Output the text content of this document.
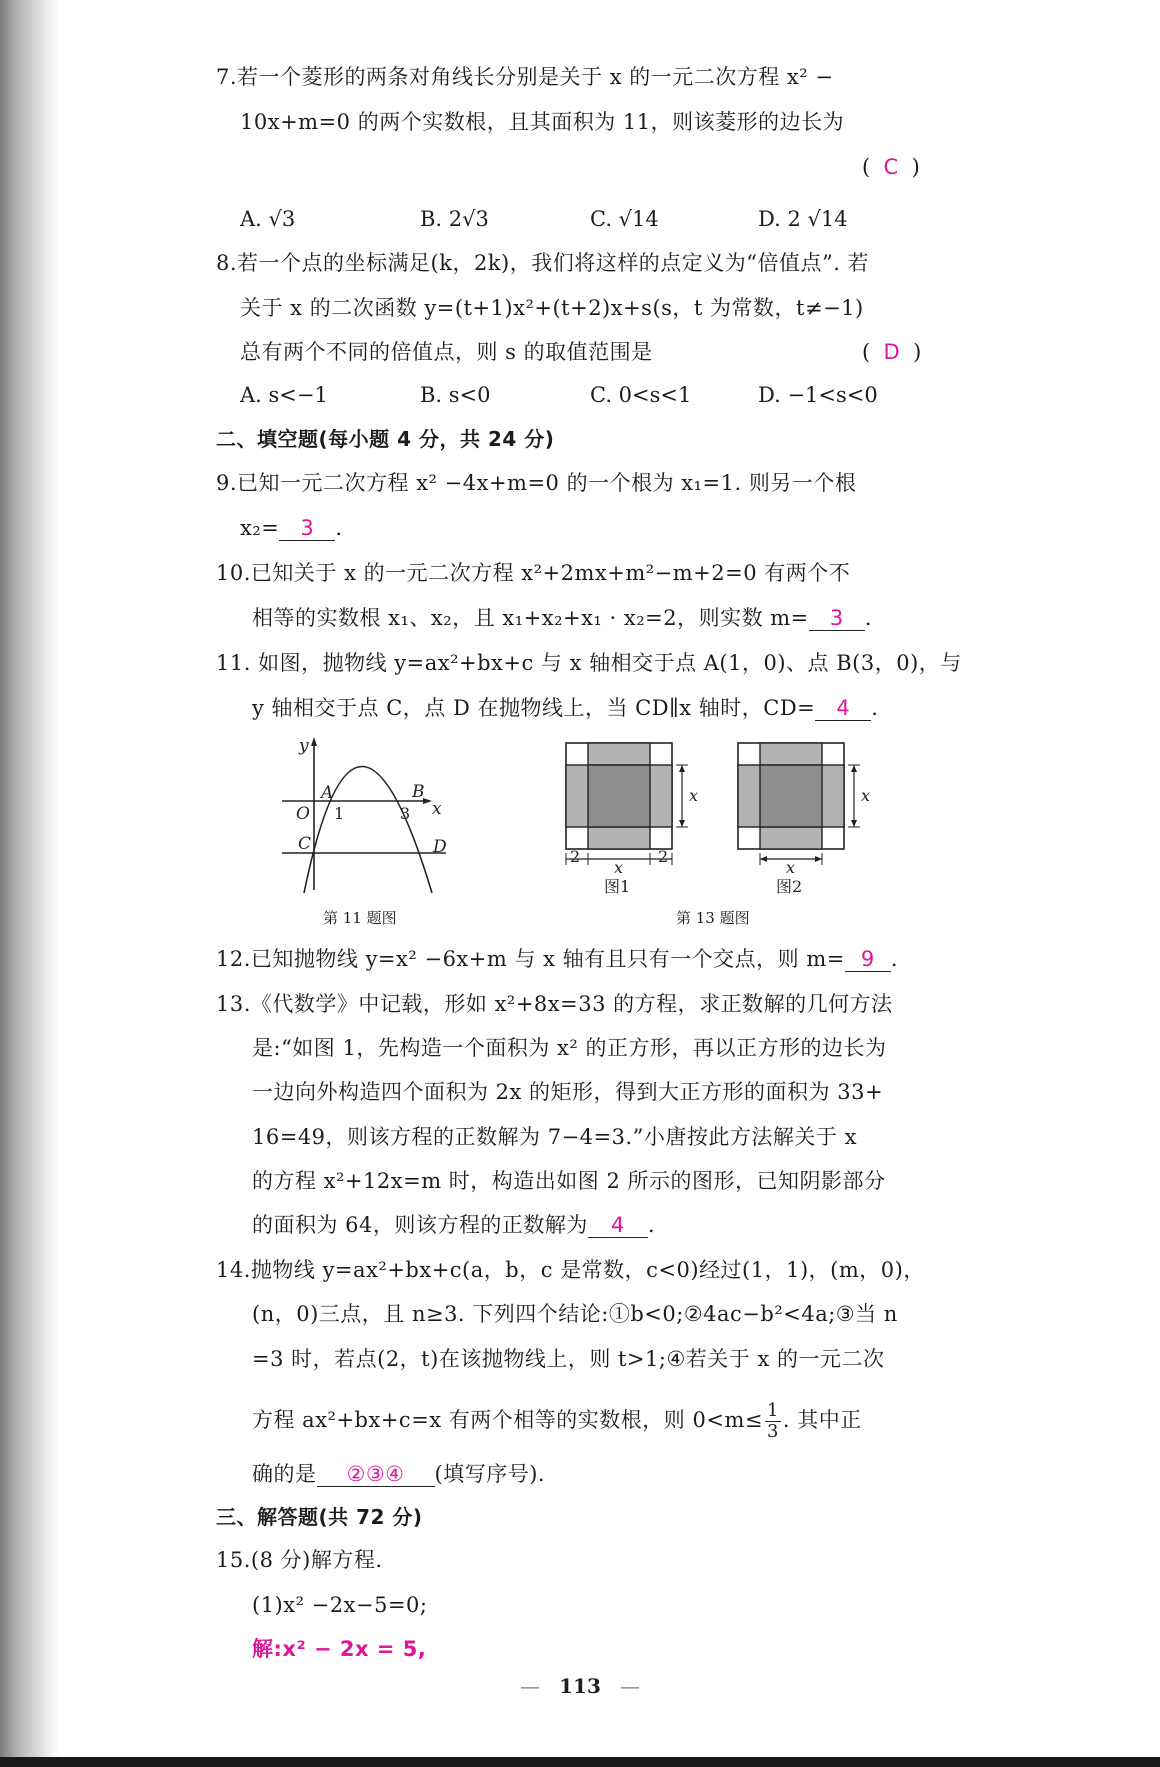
7.若一个菱形的两条对角线长分别是关于 x 的一元二次方程 x² −
10x+m=0 的两个实数根，且其面积为 11，则该菱形的边长为
(  C  )
A. √3	B. 2√3	C. √14	D. 2 √14
8.若一个点的坐标满足(k，2k)，我们将这样的点定义为“倍值点”. 若
关于 x 的二次函数 y=(t+1)x²+(t+2)x+s(s，t 为常数，t≠−1)
总有两个不同的倍值点，则 s 的取值范围是	(  D  )
A. s<−1	B. s<0	C. 0<s<1	D. −1<s<0
二、填空题(每小题 4 分，共 24 分)
9.已知一元二次方程 x² −4x+m=0 的一个根为 x₁=1. 则另一个根
x₂= 3 .
10.已知关于 x 的一元二次方程 x²+2mx+m²−m+2=0 有两个不
相等的实数根 x₁、x₂，且 x₁+x₂+x₁ · x₂=2，则实数 m= 3 .
11. 如图，抛物线 y=ax²+bx+c 与 x 轴相交于点 A(1，0)、点 B(3，0)，与
y 轴相交于点 C，点 D 在抛物线上，当 CD∥x 轴时，CD= 4 .
y
x
O
A	B
C	D
1	3
第 11 题图
x
x
2	2
x
x
图1	图2
第 13 题图
12.已知抛物线 y=x² −6x+m 与 x 轴有且只有一个交点，则 m= 9 .
13.《代数学》中记载，形如 x²+8x=33 的方程，求正数解的几何方法
是:“如图 1，先构造一个面积为 x² 的正方形，再以正方形的边长为
一边向外构造四个面积为 2x 的矩形，得到大正方形的面积为 33+
16=49，则该方程的正数解为 7−4=3.”小唐按此方法解关于 x
的方程 x²+12x=m 时，构造出如图 2 所示的图形，已知阴影部分
的面积为 64，则该方程的正数解为 4 .
14.抛物线 y=ax²+bx+c(a，b，c 是常数，c<0)经过(1，1)，(m，0)，
(n，0)三点，且 n≥3. 下列四个结论:①b<0;②4ac−b²<4a;③当 n
=3 时，若点(2，t)在该抛物线上，则 t>1;④若关于 x 的一元二次
方程 ax²+bx+c=x 有两个相等的实数根，则 $0<m\le \frac{1}{3}$ . 其中正
确的是 ②③④ (填写序号).
三、解答题(共 72 分)
15.(8 分)解方程.
(1)x² −2x−5=0;
解:x² − 2x = 5,
—   113   —
